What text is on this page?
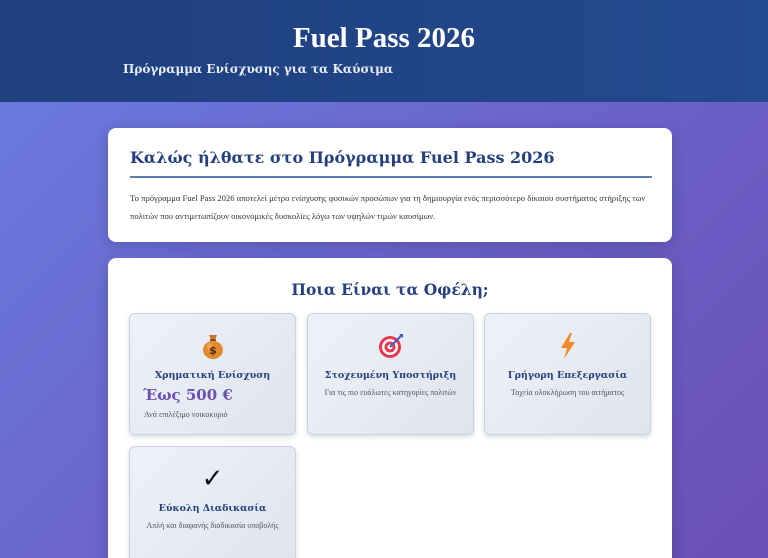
Fuel Pass 2026
Πρόγραμμα Ενίσχυσης για τα Καύσιμα
Καλώς ήλθατε στο Πρόγραμμα Fuel Pass 2026

Το πρόγραμμα Fuel Pass 2026 αποτελεί μέτρο ενίσχυσης φυσικών προσώπων για τη δημιουργία ενός περισσότερο δίκαιου συστήματος στήριξης των πολιτών που αντιμετωπίζουν οικονομικές δυσκολίες λόγω των υψηλών τιμών καυσίμων.

Ποια Είναι τα Οφέλη;
$
Χρηματική Ενίσχυση
Έως 500 €
Ανά επιλέξιμο νοικοκυριό
Στοχευμένη Υποστήριξη
Για τις πιο ευάλωτες κατηγορίες πολιτών
Γρήγορη Επεξεργασία
Ταχεία ολοκλήρωση του αιτήματος
✓
Εύκολη Διαδικασία
Απλή και διαφανής διαδικασία υποβολής
